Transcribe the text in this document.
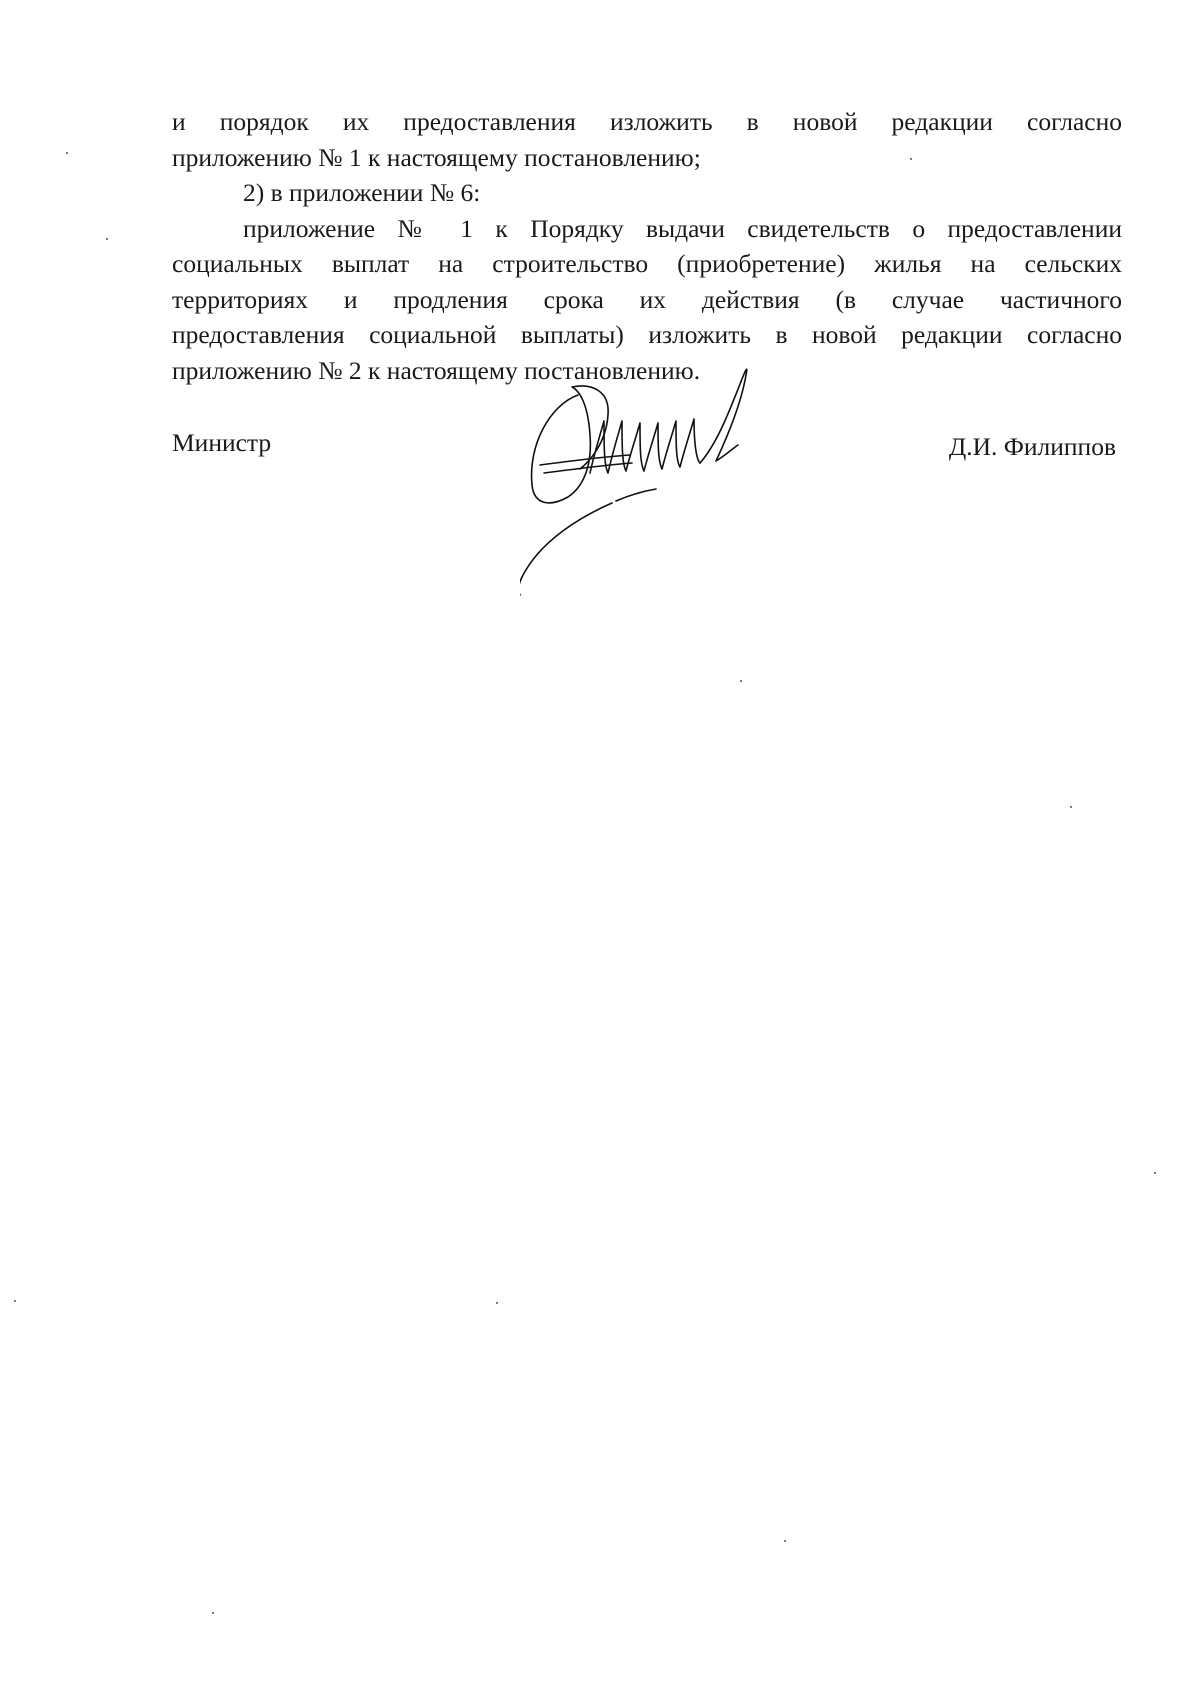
и порядок их предоставления изложить в новой редакции согласно
приложению № 1 к настоящему постановлению;

2) в приложении № 6:

приложение № 1 к Порядку выдачи свидетельств о предоставлении
социальных выплат на строительство (приобретение) жилья на сельских
территориях и продления срока их действия (в случае частичного
предоставления социальной выплаты) изложить в новой редакции согласно
приложению № 2 к настоящему постановлению.

Министр	Д.И. Филиппов
